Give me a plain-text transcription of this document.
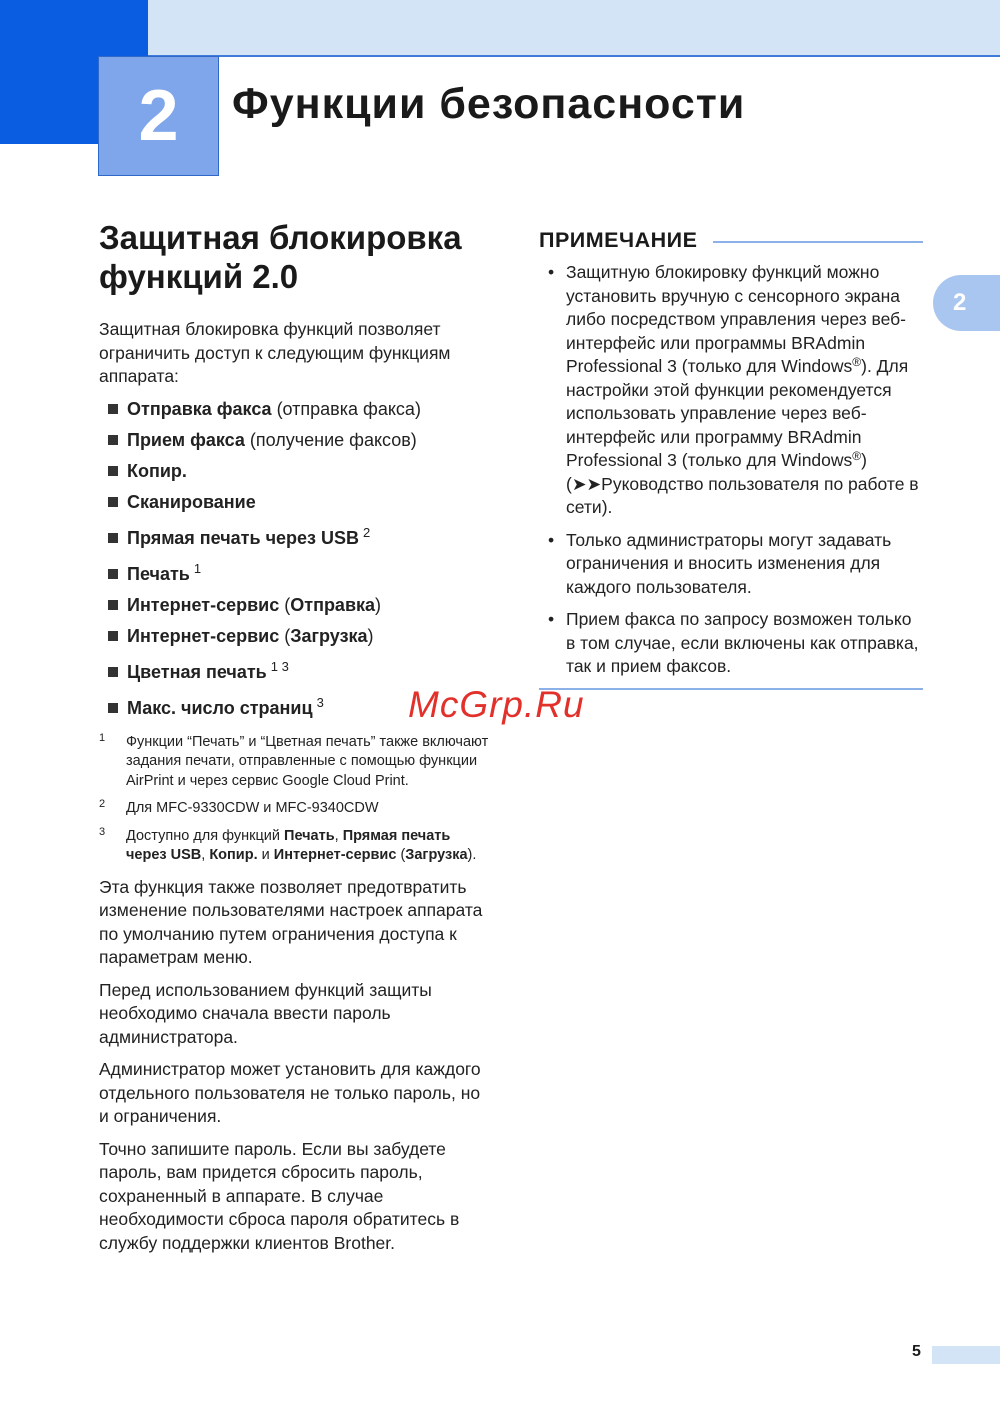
2	Функции безопасности
2
Защитная блокировка функций 2.0

Защитная блокировка функций позволяет ограничить доступ к следующим функциям аппарата:

Отправка факса (отправка факса)
Прием факса (получение факсов)
Копир.
Сканирование
Прямая печать через USB $^2$
Печать $^1$
Интернет-сервис (Отправка)
Интернет-сервис (Загрузка)
Цветная печать $^{1 3}$
Макс. число страниц $^3$
1 Функции “Печать” и “Цветная печать” также включают задания печати, отправленные с помощью функции AirPrint и через сервис Google Cloud Print.
2 Для MFC-9330CDW и MFC-9340CDW
3 Доступно для функций Печать, Прямая печать через USB, Копир. и Интернет-сервис (Загрузка).

Эта функция также позволяет предотвратить изменение пользователями настроек аппарата по умолчанию путем ограничения доступа к параметрам меню.

Перед использованием функций защиты необходимо сначала ввести пароль администратора.

Администратор может установить для каждого отдельного пользователя не только пароль, но и ограничения.

Точно запишите пароль. Если вы забудете пароль, вам придется сбросить пароль, сохраненный в аппарате. В случае необходимости сброса пароля обратитесь в службу поддержки клиентов Brother.

ПРИМЕЧАНИЕ
• Защитную блокировку функций можно установить вручную с сенсорного экрана либо посредством управления через веб-интерфейс или программы BRAdmin Professional 3 (только для Windows®). Для настройки этой функции рекомендуется использовать управление через веб-интерфейс или программу BRAdmin Professional 3 (только для Windows®) (➤➤Руководство пользователя по работе в сети).
• Только администраторы могут задавать ограничения и вносить изменения для каждого пользователя.
• Прием факса по запросу возможен только в том случае, если включены как отправка, так и прием факсов.
McGrp.Ru
5
